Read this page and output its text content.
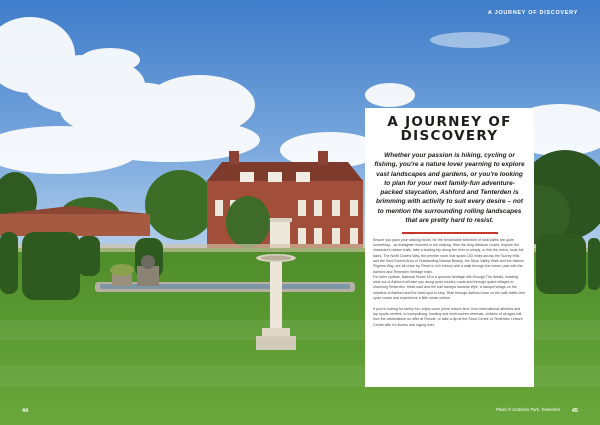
A JOURNEY OF DISCOVERY
A JOURNEY OF
DISCOVERY

Whether your passion is hiking, cycling or fishing, you're a nature lover yearning to explore vast landscapes and gardens, or you're looking to plan for your next family-fun adventure-packed staycation, Ashford and Tenterden is brimming with activity to suit every desire – not to mention the surrounding rolling landscapes that are pretty hard to resist.

Ensure you pack your walking boots, for the remarkable selection of rural paths are quite something – an instagram moment in the making. Hike the long-distance routes, explore the character's hidden trails, take a leading trip along the river or simply, or fish the rivers, hook-full lakes. The North Downs Way, the premier route that spans 153 miles across the Surrey Hills and the Kent Downs Area of Outstanding Natural Beauty, the Stour Valley Walk and the historic Pilgrims Way, are all close by. Revel in rich history with a walk through the towns' past with the Ashford and Tenterden heritage trails.

For keen cyclists, National Route 18 is a glorious heritage ride through The Weald, heading west out of Ashford will take you along quiet country roads and through quaint villages to charming Tenterden. Head east and the trail sweeps towards Wye, a tranquil village on the outskirts of Ashford and the ideal spot to stop. Ride through Ashford town on the safe traffic-free cycle routes and experience a little urban culture.

If you're looking for family fun, enjoy some prime leisure time: from international athletics and top sports centres, to trampolining, bowling and multi-screen cinemas, children of all ages will love the celebrations on offer at Fiesole, or take a dip at the Stour Centre or Tenterden Leisure Centre with it's flumes and raging river.

44	Photo © Godinton Park, Tenterden 45
